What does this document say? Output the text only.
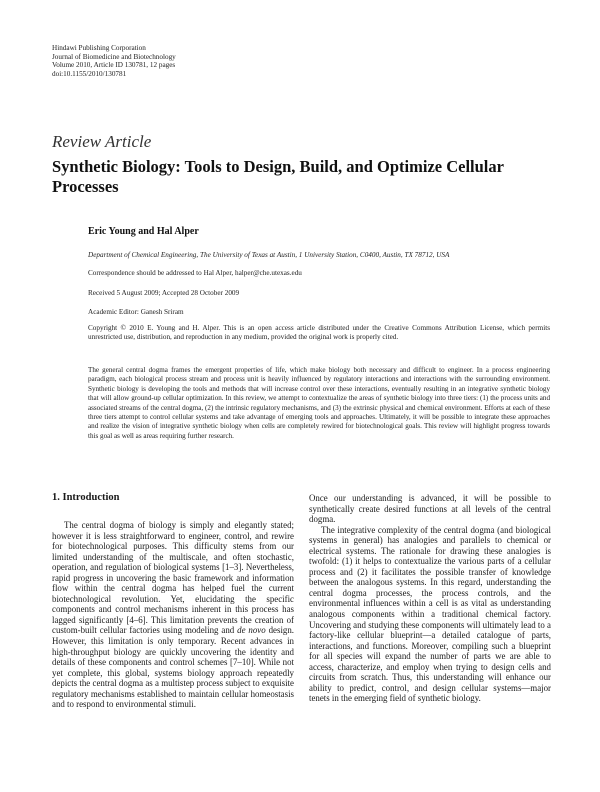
Hindawi Publishing Corporation
Journal of Biomedicine and Biotechnology
Volume 2010, Article ID 130781, 12 pages
doi:10.1155/2010/130781
Review Article
Synthetic Biology: Tools to Design, Build, and Optimize Cellular Processes
Eric Young and Hal Alper
Department of Chemical Engineering, The University of Texas at Austin, 1 University Station, C0400, Austin, TX 78712, USA
Correspondence should be addressed to Hal Alper, halper@che.utexas.edu
Received 5 August 2009; Accepted 28 October 2009
Academic Editor: Ganesh Sriram
Copyright © 2010 E. Young and H. Alper. This is an open access article distributed under the Creative Commons Attribution License, which permits unrestricted use, distribution, and reproduction in any medium, provided the original work is properly cited.
The general central dogma frames the emergent properties of life, which make biology both necessary and difficult to engineer. In a process engineering paradigm, each biological process stream and process unit is heavily influenced by regulatory interactions and interactions with the surrounding environment. Synthetic biology is developing the tools and methods that will increase control over these interactions, eventually resulting in an integrative synthetic biology that will allow ground-up cellular optimization. In this review, we attempt to contextualize the areas of synthetic biology into three tiers: (1) the process units and associated streams of the central dogma, (2) the intrinsic regulatory mechanisms, and (3) the extrinsic physical and chemical environment. Efforts at each of these three tiers attempt to control cellular systems and take advantage of emerging tools and approaches. Ultimately, it will be possible to integrate these approaches and realize the vision of integrative synthetic biology when cells are completely rewired for biotechnological goals. This review will highlight progress towards this goal as well as areas requiring further research.
1. Introduction

The central dogma of biology is simply and elegantly stated; however it is less straightforward to engineer, control, and rewire for biotechnological purposes. This difficulty stems from our limited understanding of the multiscale, and often stochastic, operation, and regulation of biological systems [1–3]. Nevertheless, rapid progress in uncovering the basic framework and information flow within the central dogma has helped fuel the current biotechnological revolution. Yet, elucidating the specific components and control mechanisms inherent in this process has lagged significantly [4–6]. This limitation prevents the creation of custom-built cellular factories using modeling and de novo design. However, this limitation is only temporary. Recent advances in high-throughput biology are quickly uncovering the identity and details of these components and control schemes [7–10]. While not yet complete, this global, systems biology approach repeatedly depicts the central dogma as a multistep process subject to exquisite regulatory mechanisms established to maintain cellular homeostasis and to respond to environmental stimuli.

Once our understanding is advanced, it will be possible to synthetically create desired functions at all levels of the central dogma.

The integrative complexity of the central dogma (and biological systems in general) has analogies and parallels to chemical or electrical systems. The rationale for drawing these analogies is twofold: (1) it helps to contextualize the various parts of a cellular process and (2) it facilitates the possible transfer of knowledge between the analogous systems. In this regard, understanding the central dogma processes, the process controls, and the environmental influences within a cell is as vital as understanding analogous components within a traditional chemical factory. Uncovering and studying these components will ultimately lead to a factory-like cellular blueprint—a detailed catalogue of parts, interactions, and functions. Moreover, compiling such a blueprint for all species will expand the number of parts we are able to access, characterize, and employ when trying to design cells and circuits from scratch. Thus, this understanding will enhance our ability to predict, control, and design cellular systems—major tenets in the emerging field of synthetic biology.
